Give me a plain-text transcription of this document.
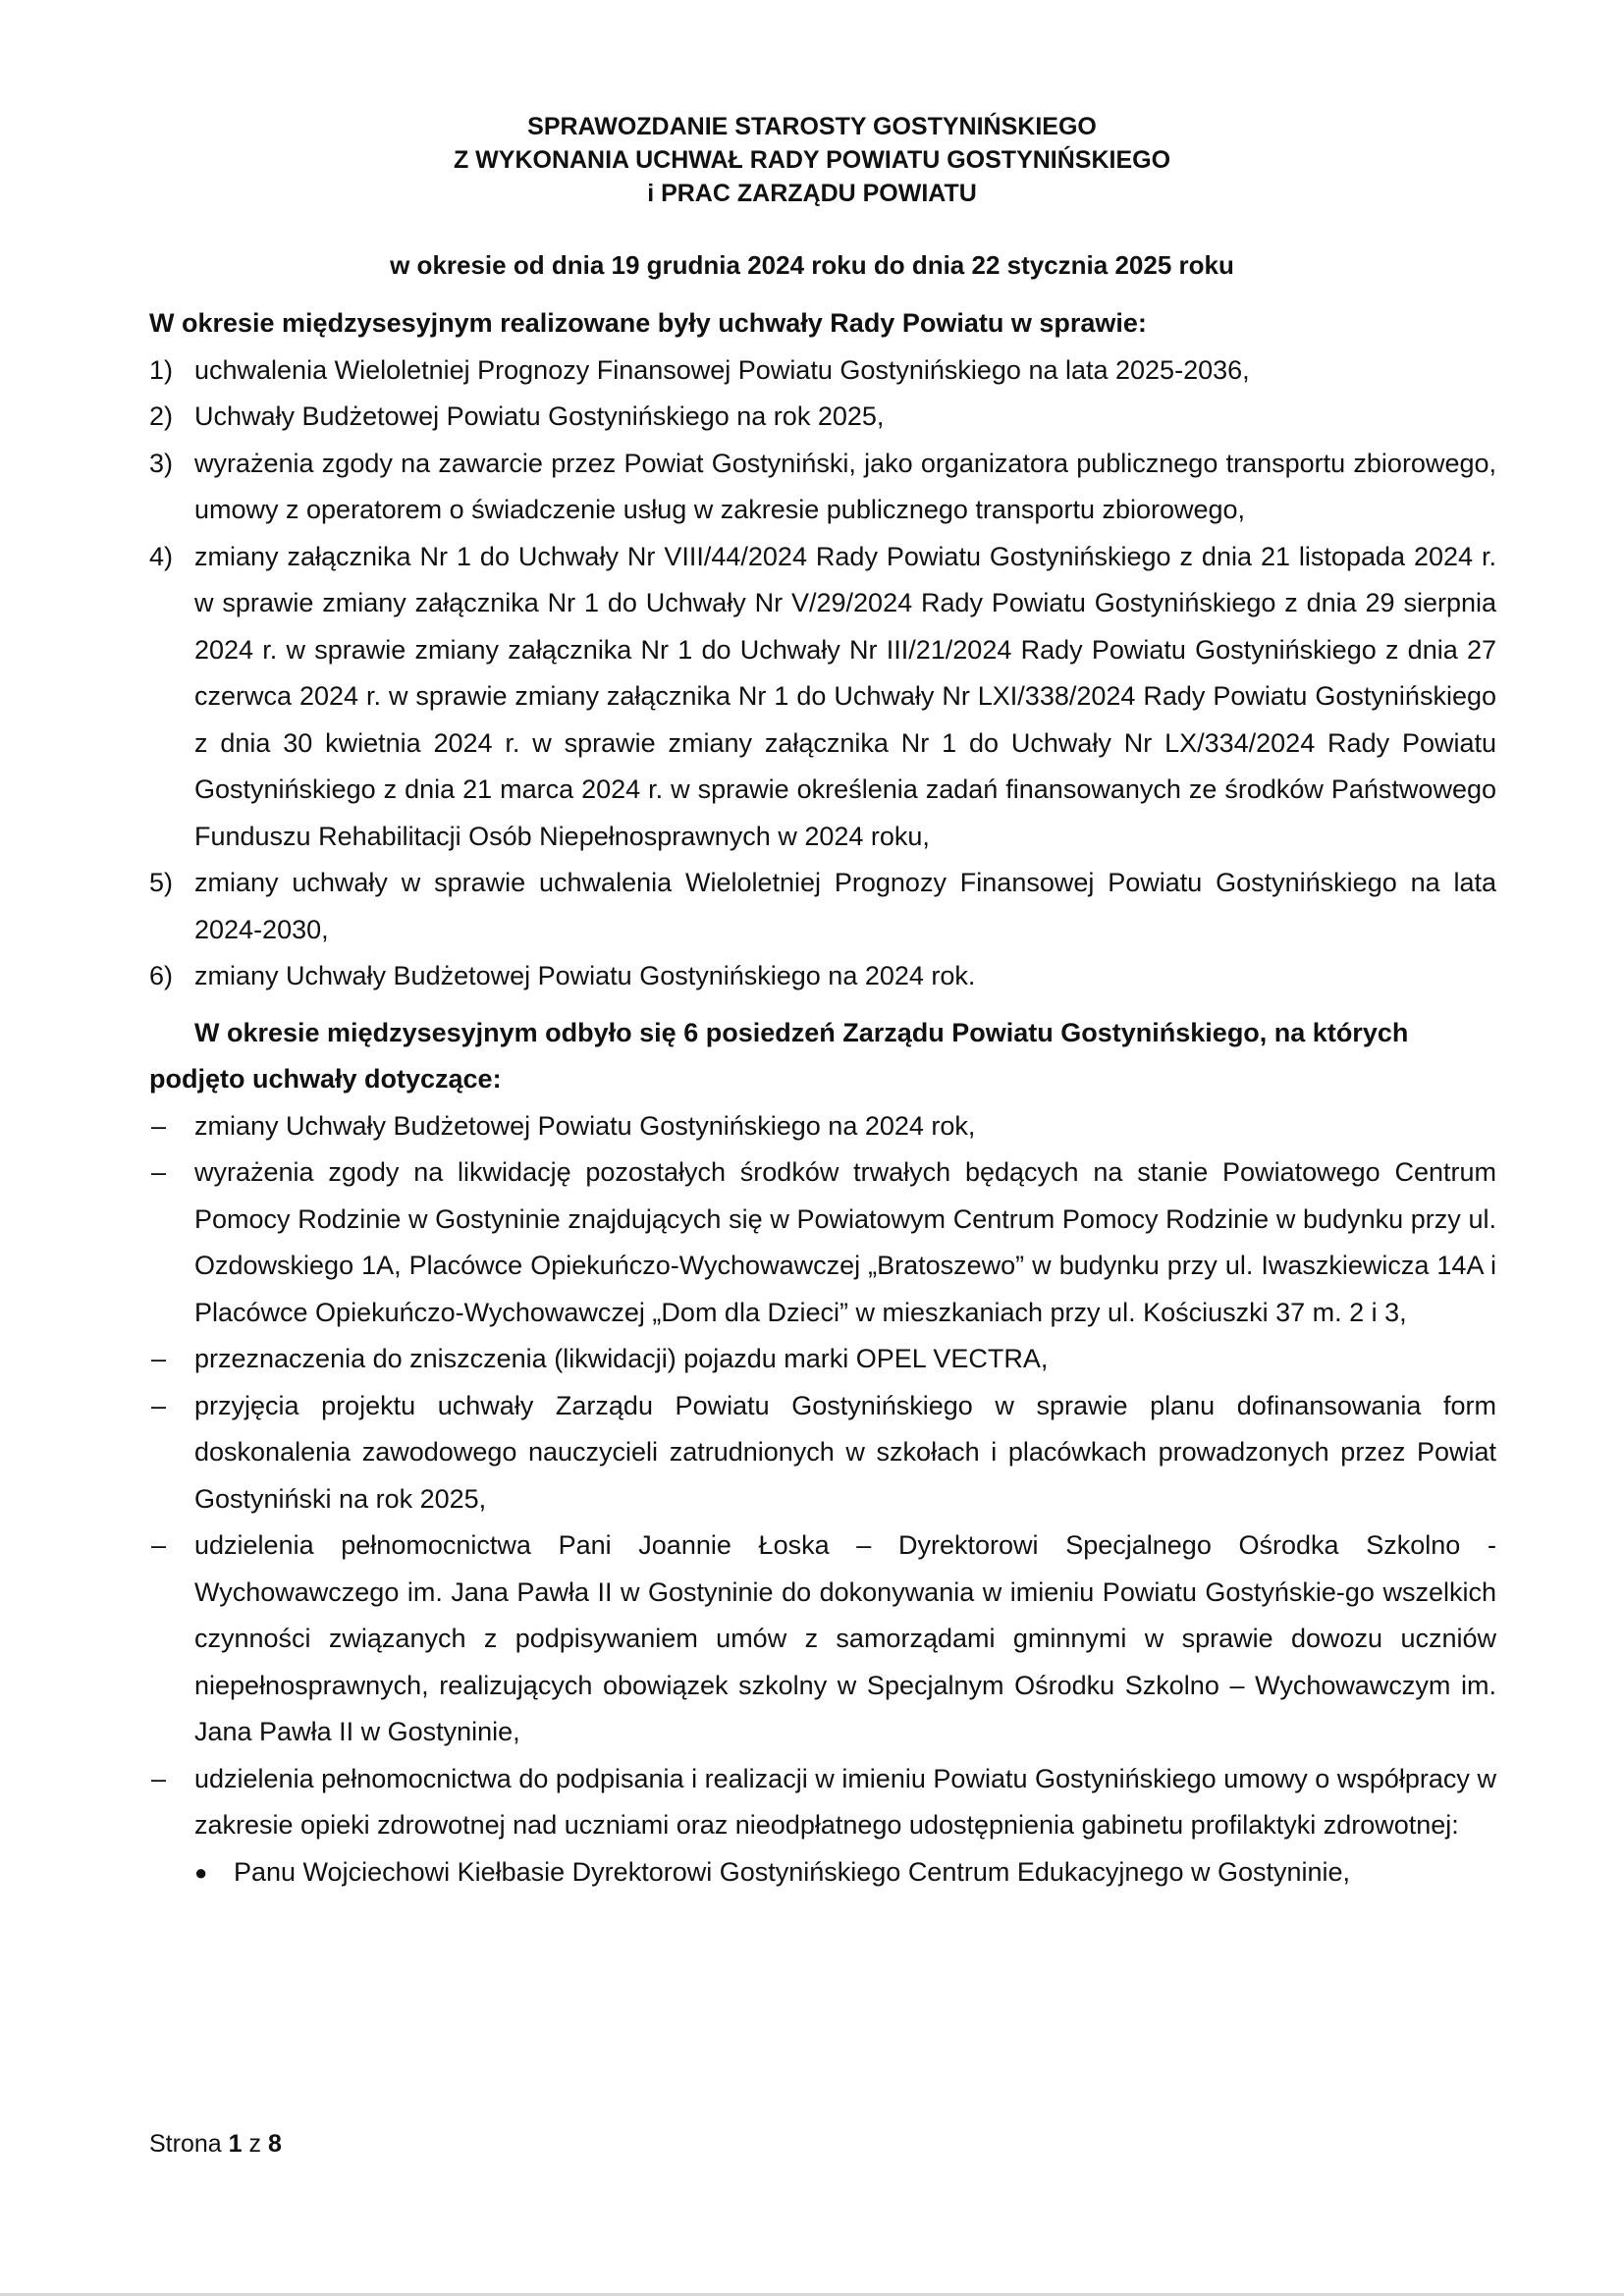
SPRAWOZDANIE STAROSTY GOSTYNIŃSKIEGO
Z WYKONANIA UCHWAŁ RADY POWIATU GOSTYNIŃSKIEGO
i PRAC ZARZĄDU POWIATU
w okresie od dnia 19 grudnia 2024 roku do dnia 22 stycznia 2025 roku

W okresie międzysesyjnym realizowane były uchwały Rady Powiatu w sprawie:

1) uchwalenia Wieloletniej Prognozy Finansowej Powiatu Gostynińskiego na lata 2025-2036,
2) Uchwały Budżetowej Powiatu Gostynińskiego na rok 2025,
3) wyrażenia zgody na zawarcie przez Powiat Gostyniński, jako organizatora publicznego transportu zbiorowego, umowy z operatorem o świadczenie usług w zakresie publicznego transportu zbiorowego,
4) zmiany załącznika Nr 1 do Uchwały Nr VIII/44/2024 Rady Powiatu Gostynińskiego z dnia 21 listopada 2024 r. w sprawie zmiany załącznika Nr 1 do Uchwały Nr V/29/2024 Rady Powiatu Gostynińskiego z dnia 29 sierpnia 2024 r. w sprawie zmiany załącznika Nr 1 do Uchwały Nr III/21/2024 Rady Powiatu Gostynińskiego z dnia 27 czerwca 2024 r. w sprawie zmiany załącznika Nr 1 do Uchwały Nr LXI/338/2024 Rady Powiatu Gostynińskiego z dnia 30 kwietnia 2024 r. w sprawie zmiany załącznika Nr 1 do Uchwały Nr LX/334/2024 Rady Powiatu Gostynińskiego z dnia 21 marca 2024 r. w sprawie określenia zadań finansowanych ze środków Państwowego Funduszu Rehabilitacji Osób Niepełnosprawnych w 2024 roku,
5) zmiany uchwały w sprawie uchwalenia Wieloletniej Prognozy Finansowej Powiatu Gostynińskiego na lata 2024-2030,
6) zmiany Uchwały Budżetowej Powiatu Gostynińskiego na 2024 rok.

W okresie międzysesyjnym odbyło się 6 posiedzeń Zarządu Powiatu Gostynińskiego, na których podjęto uchwały dotyczące:

– zmiany Uchwały Budżetowej Powiatu Gostynińskiego na 2024 rok,
– wyrażenia zgody na likwidację pozostałych środków trwałych będących na stanie Powiatowego Centrum Pomocy Rodzinie w Gostyninie znajdujących się w Powiatowym Centrum Pomocy Rodzinie w budynku przy ul. Ozdowskiego 1A, Placówce Opiekuńczo-Wychowawczej „Bratoszewo” w budynku przy ul. Iwaszkiewicza 14A i Placówce Opiekuńczo-Wychowawczej „Dom dla Dzieci” w mieszkaniach przy ul. Kościuszki 37 m. 2 i 3,
– przeznaczenia do zniszczenia (likwidacji) pojazdu marki OPEL VECTRA,
– przyjęcia projektu uchwały Zarządu Powiatu Gostynińskiego w sprawie planu dofinansowania form doskonalenia zawodowego nauczycieli zatrudnionych w szkołach i placówkach prowadzonych przez Powiat Gostyniński na rok 2025,
– udzielenia pełnomocnictwa Pani Joannie Łoska – Dyrektorowi Specjalnego Ośrodka Szkolno - Wychowawczego im. Jana Pawła II w Gostyninie do dokonywania w imieniu Powiatu Gostyńskie-go wszelkich czynności związanych z podpisywaniem umów z samorządami gminnymi w sprawie dowozu uczniów niepełnosprawnych, realizujących obowiązek szkolny w Specjalnym Ośrodku Szkolno – Wychowawczym im. Jana Pawła II w Gostyninie,
– udzielenia pełnomocnictwa do podpisania i realizacji w imieniu Powiatu Gostynińskiego umowy o współpracy w zakresie opieki zdrowotnej nad uczniami oraz nieodpłatnego udostępnienia gabinetu profilaktyki zdrowotnej:
● Panu Wojciechowi Kiełbasie Dyrektorowi Gostynińskiego Centrum Edukacyjnego w Gostyninie,
Strona 1 z 8
